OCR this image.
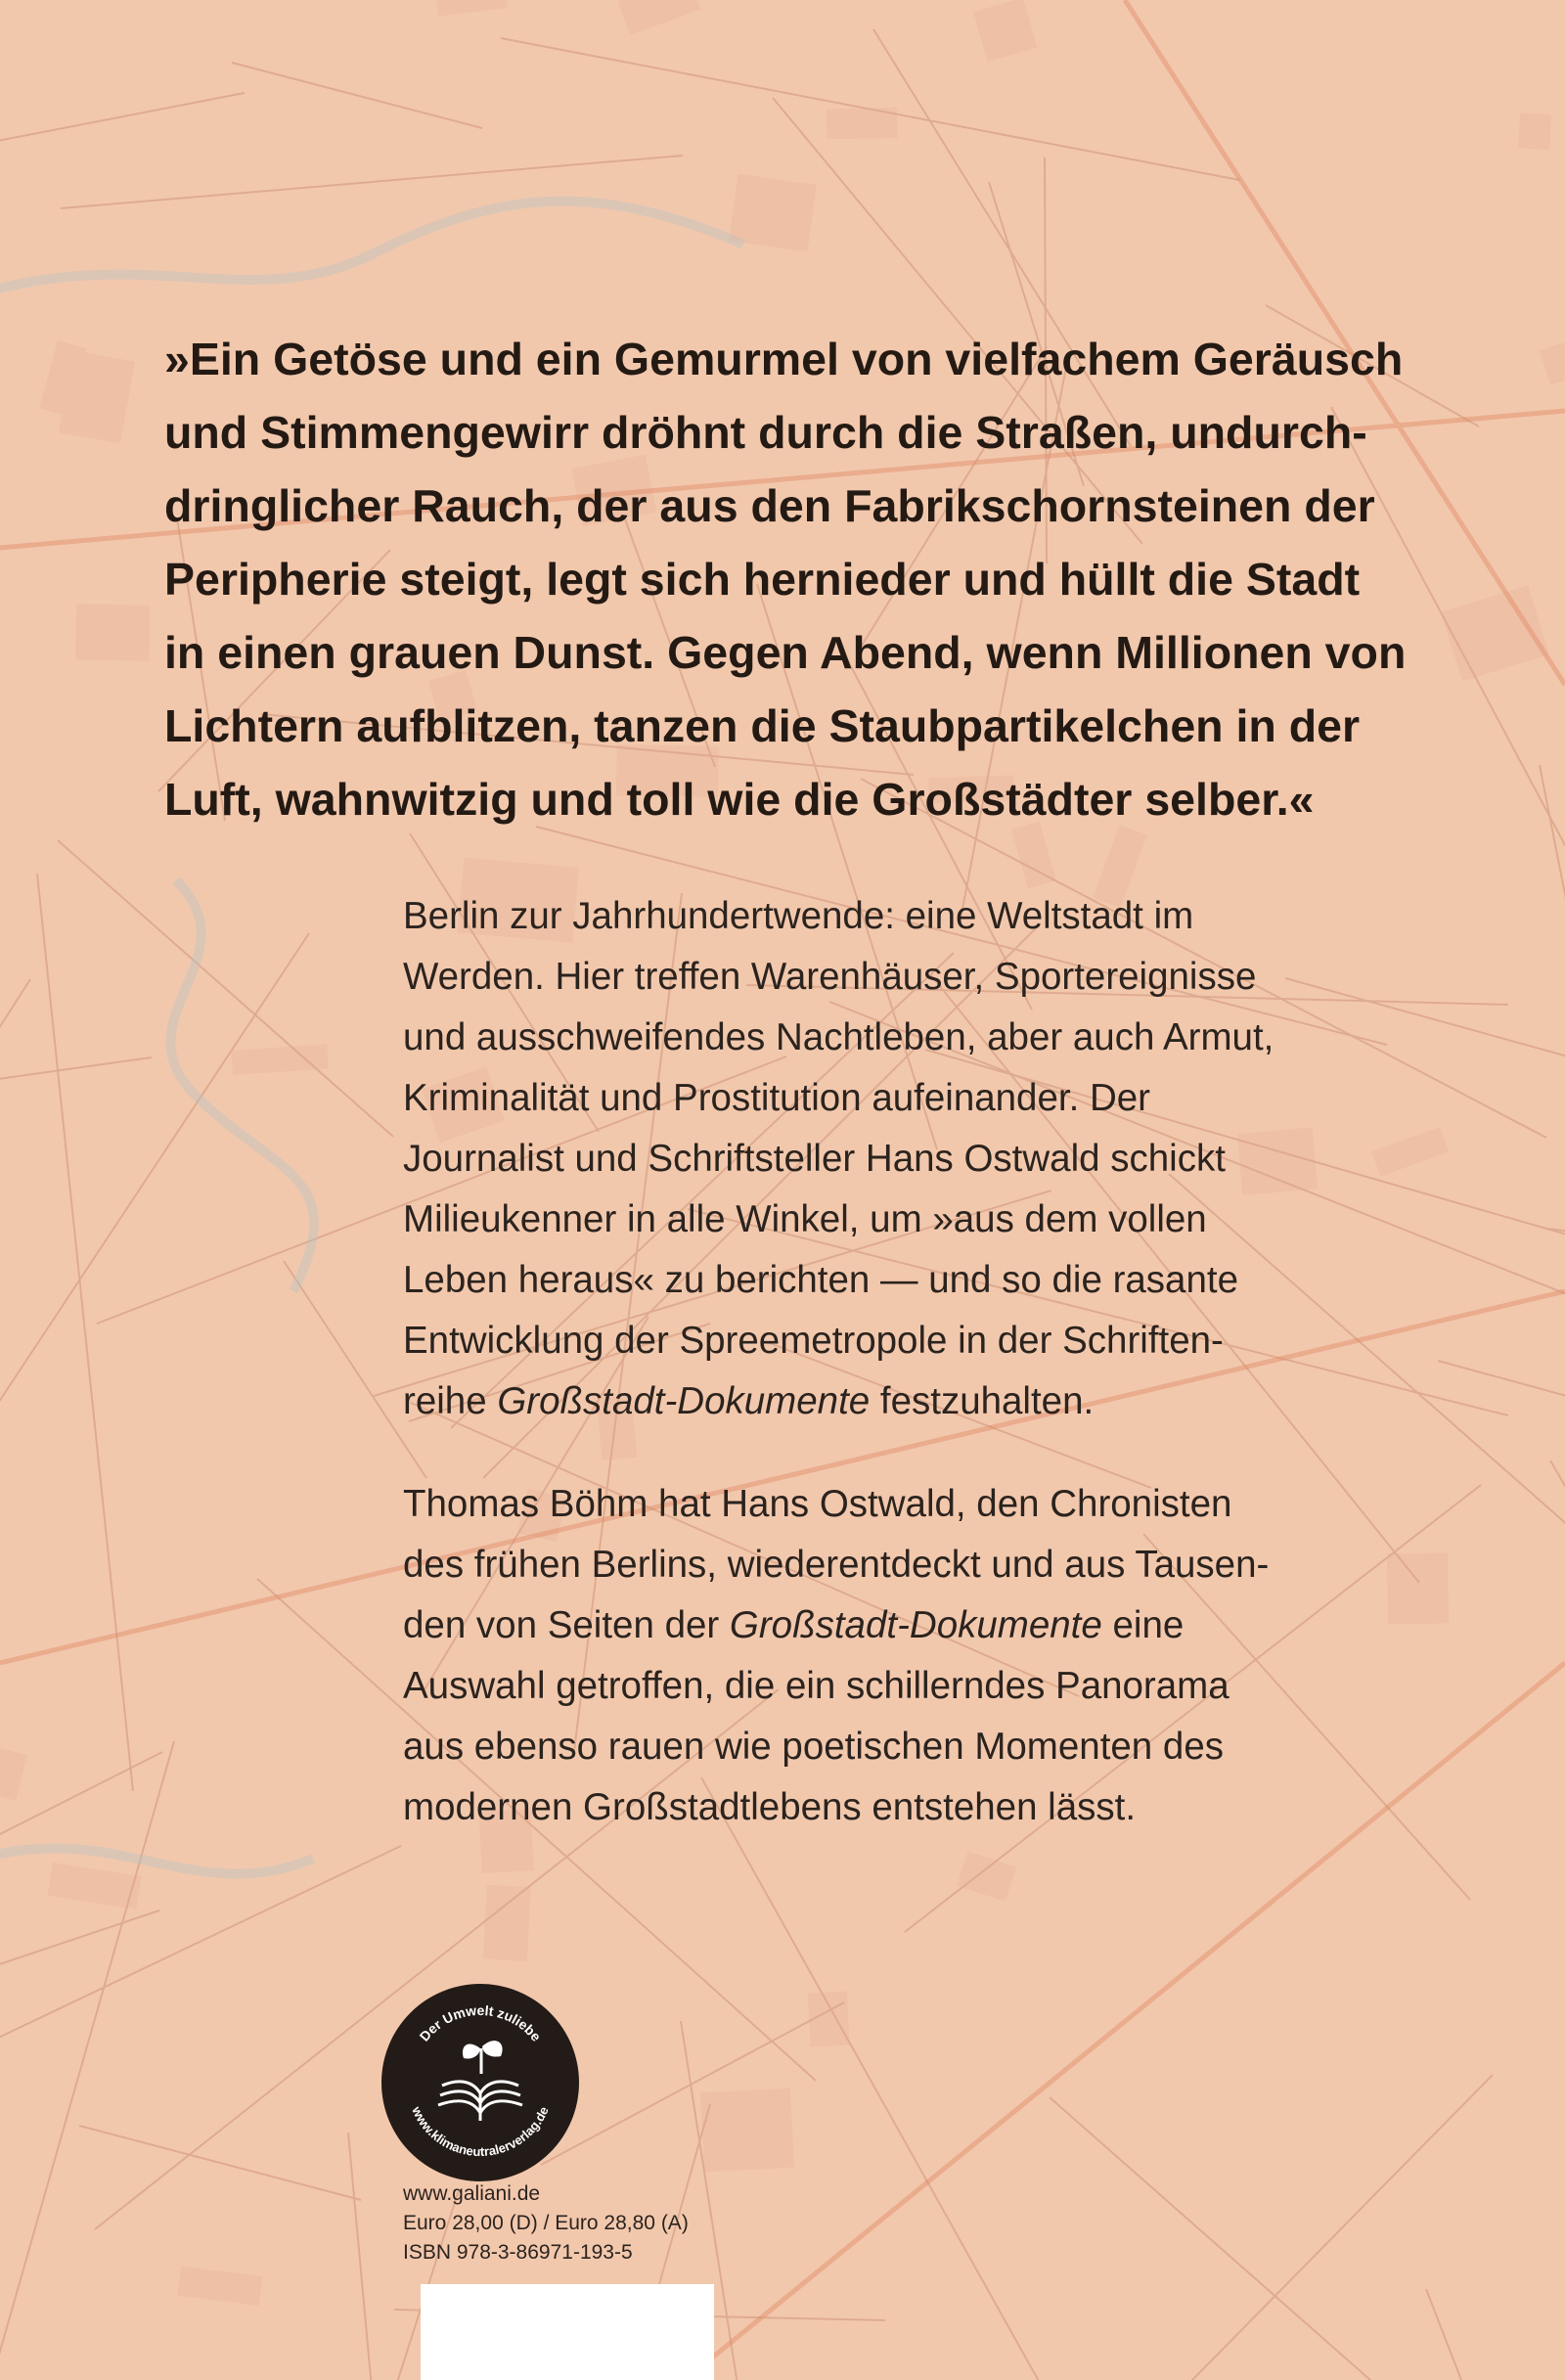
»Ein Getöse und ein Gemurmel von vielfachem Geräusch
und Stimmengewirr dröhnt durch die Straßen, undurch-
dringlicher Rauch, der aus den Fabrikschornsteinen der
Peripherie steigt, legt sich hernieder und hüllt die Stadt
in einen grauen Dunst. Gegen Abend, wenn Millionen von
Lichtern aufblitzen, tanzen die Staubpartikelchen in der
Luft, wahnwitzig und toll wie die Großstädter selber.«
Berlin zur Jahrhundertwende: eine Weltstadt im
Werden. Hier treffen Warenhäuser, Sportereignisse
und ausschweifendes Nachtleben, aber auch Armut,
Kriminalität und Prostitution aufeinander. Der
Journalist und Schriftsteller Hans Ostwald schickt
Milieukenner in alle Winkel, um »aus dem vollen
Leben heraus« zu berichten — und so die rasante
Entwicklung der Spreemetropole in der Schriften-
reihe Großstadt-Dokumente festzuhalten.
Thomas Böhm hat Hans Ostwald, den Chronisten
des frühen Berlins, wiederentdeckt und aus Tausen-
den von Seiten der Großstadt-Dokumente eine
Auswahl getroffen, die ein schillerndes Panorama
aus ebenso rauen wie poetischen Momenten des
modernen Großstadtlebens entstehen lässt.
Der Umwelt zuliebe
www.klimaneutralerverlag.de
www.galiani.de
Euro 28,00 (D) / Euro 28,80 (A)
ISBN 978-3-86971-193-5
